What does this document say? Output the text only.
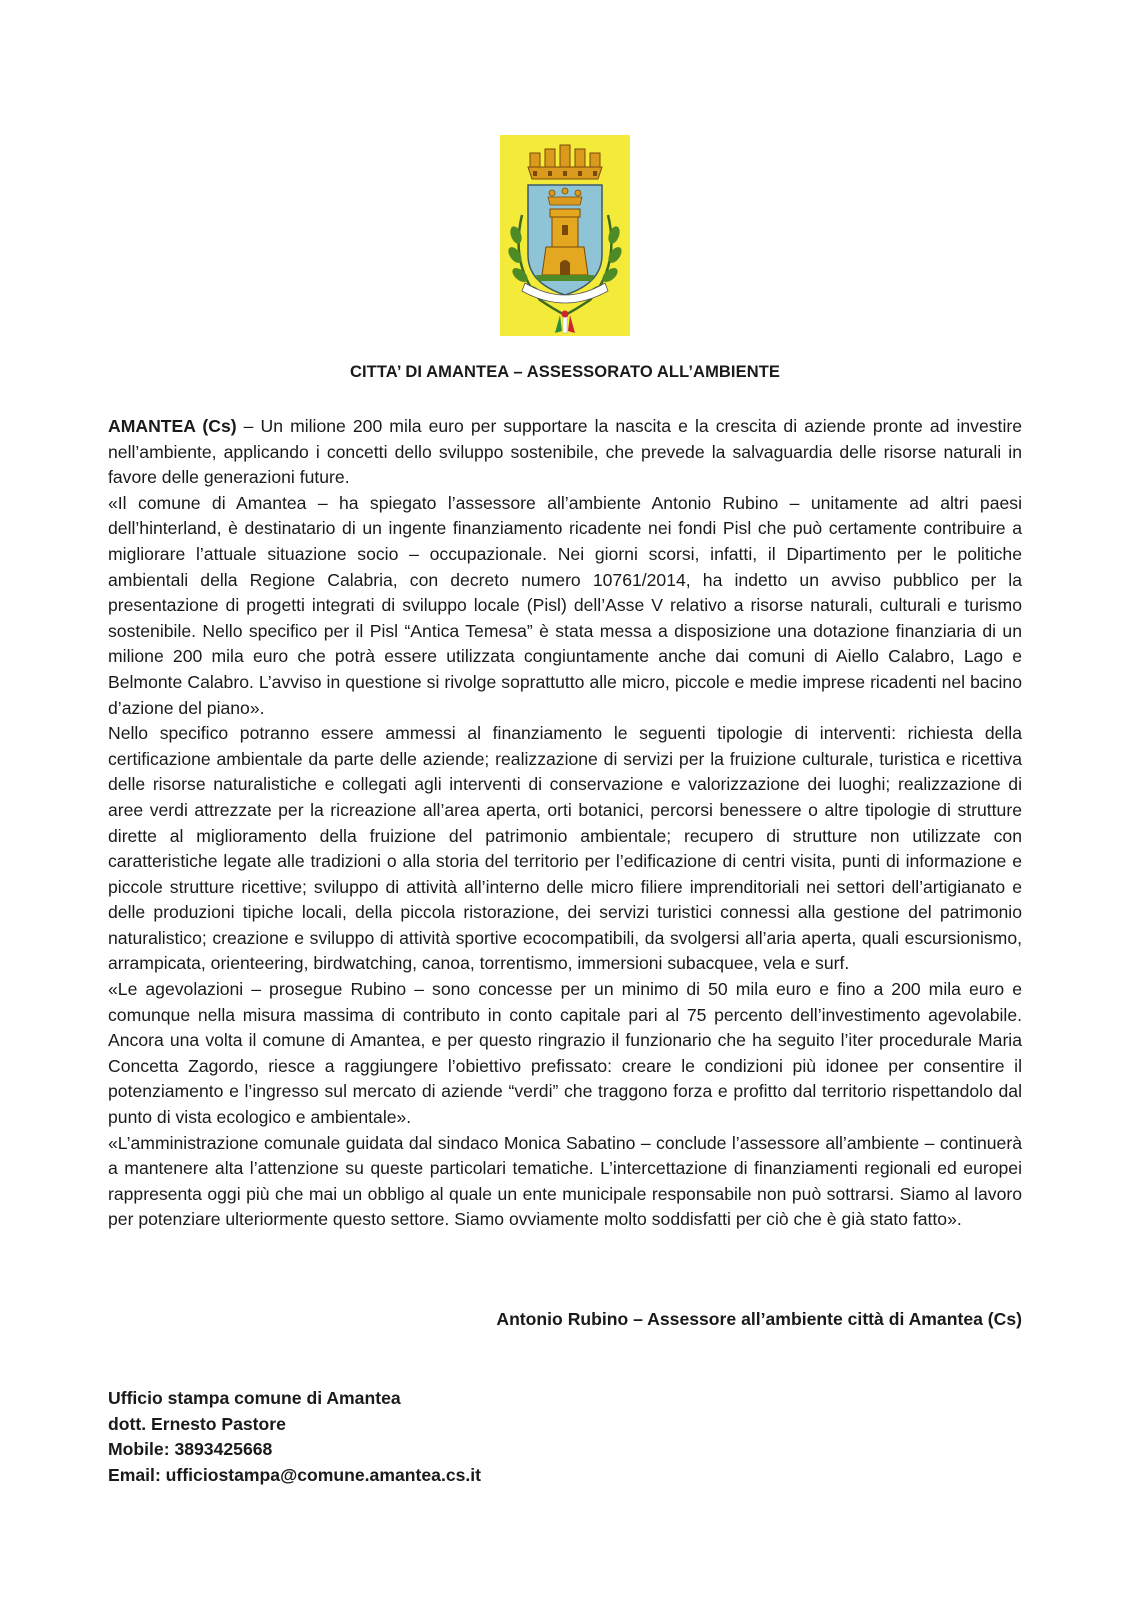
CITTA’ DI AMANTEA – ASSESSORATO ALL’AMBIENTE

AMANTEA (Cs) – Un milione 200 mila euro per supportare la nascita e la crescita di aziende pronte ad investire nell’ambiente, applicando i concetti dello sviluppo sostenibile, che prevede la salvaguardia delle risorse naturali in favore delle generazioni future.

«Il comune di Amantea – ha spiegato l’assessore all’ambiente Antonio Rubino – unitamente ad altri paesi dell’hinterland, è destinatario di un ingente finanziamento ricadente nei fondi Pisl che può certamente contribuire a migliorare l’attuale situazione socio – occupazionale. Nei giorni scorsi, infatti, il Dipartimento per le politiche ambientali della Regione Calabria, con decreto numero 10761/2014, ha indetto un avviso pubblico per la presentazione di progetti integrati di sviluppo locale (Pisl) dell’Asse V relativo a risorse naturali, culturali e turismo sostenibile. Nello specifico per il Pisl “Antica Temesa” è stata messa a disposizione una dotazione finanziaria di un milione 200 mila euro che potrà essere utilizzata congiuntamente anche dai comuni di Aiello Calabro, Lago e Belmonte Calabro. L’avviso in questione si rivolge soprattutto alle micro, piccole e medie imprese ricadenti nel bacino d’azione del piano».

Nello specifico potranno essere ammessi al finanziamento le seguenti tipologie di interventi: richiesta della certificazione ambientale da parte delle aziende; realizzazione di servizi per la fruizione culturale, turistica e ricettiva delle risorse naturalistiche e collegati agli interventi di conservazione e valorizzazione dei luoghi; realizzazione di aree verdi attrezzate per la ricreazione all’area aperta, orti botanici, percorsi benessere o altre tipologie di strutture dirette al miglioramento della fruizione del patrimonio ambientale; recupero di strutture non utilizzate con caratteristiche legate alle tradizioni o alla storia del territorio per l’edificazione di centri visita, punti di informazione e piccole strutture ricettive; sviluppo di attività all’interno delle micro filiere imprenditoriali nei settori dell’artigianato e delle produzioni tipiche locali, della piccola ristorazione, dei servizi turistici connessi alla gestione del patrimonio naturalistico; creazione e sviluppo di attività sportive ecocompatibili, da svolgersi all’aria aperta, quali escursionismo, arrampicata, orienteering, birdwatching, canoa, torrentismo, immersioni subacquee, vela e surf.

«Le agevolazioni – prosegue Rubino – sono concesse per un minimo di 50 mila euro e fino a 200 mila euro e comunque nella misura massima di contributo in conto capitale pari al 75 percento dell’investimento agevolabile. Ancora una volta il comune di Amantea, e per questo ringrazio il funzionario che ha seguito l’iter procedurale Maria Concetta Zagordo, riesce a raggiungere l’obiettivo prefissato: creare le condizioni più idonee per consentire il potenziamento e l’ingresso sul mercato di aziende “verdi” che traggono forza e profitto dal territorio rispettandolo dal punto di vista ecologico e ambientale».

«L’amministrazione comunale guidata dal sindaco Monica Sabatino – conclude l’assessore all’ambiente – continuerà a mantenere alta l’attenzione su queste particolari tematiche. L’intercettazione di finanziamenti regionali ed europei rappresenta oggi più che mai un obbligo al quale un ente municipale responsabile non può sottrarsi. Siamo al lavoro per potenziare ulteriormente questo settore. Siamo ovviamente molto soddisfatti per ciò che è già stato fatto».

Antonio Rubino – Assessore all’ambiente città di Amantea (Cs)
Ufficio stampa comune di Amantea
dott. Ernesto Pastore
Mobile: 3893425668
Email: ufficiostampa@comune.amantea.cs.it
